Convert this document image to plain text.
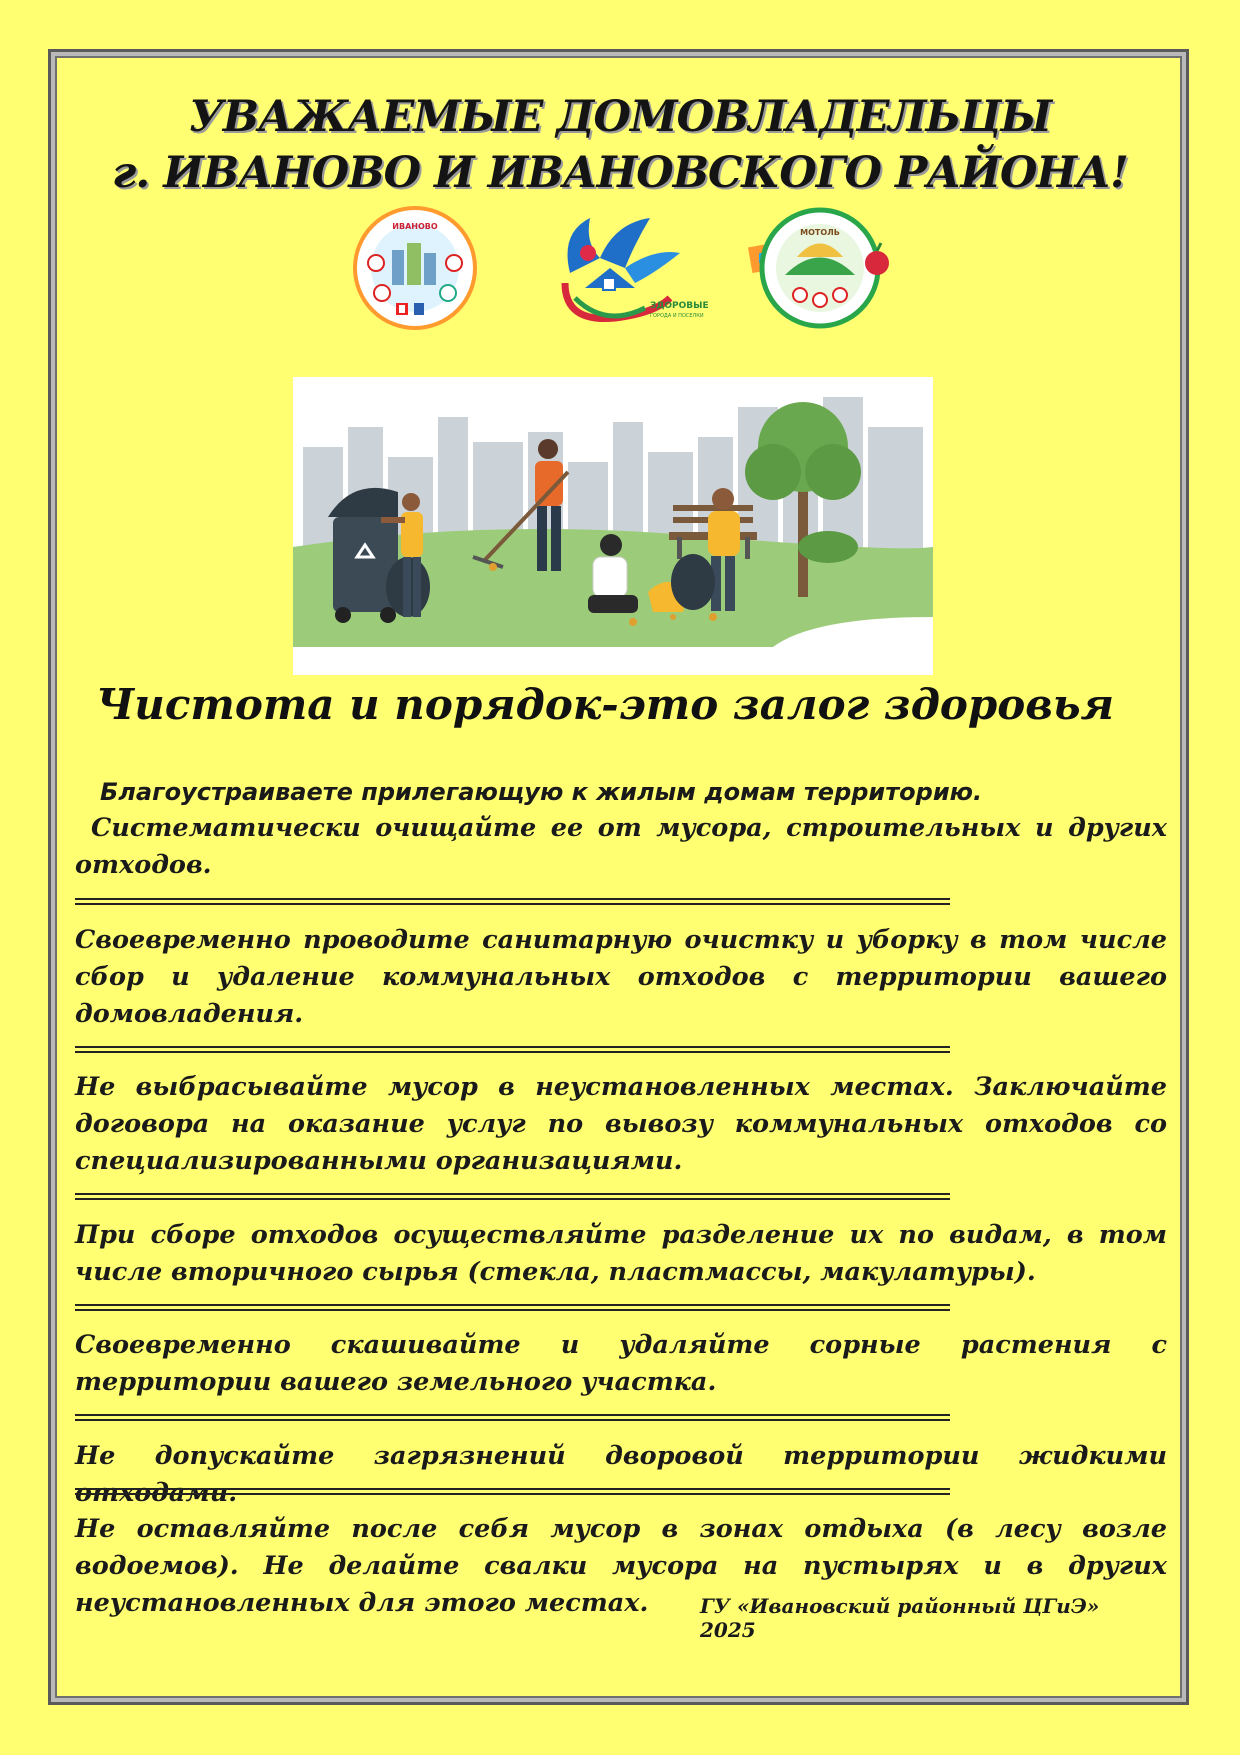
УВАЖАЕМЫЕ ДОМОВЛАДЕЛЬЦЫ
г. ИВАНОВО И ИВАНОВСКОГО РАЙОНА!
ИВАНОВО
ЗДОРОВЫЕ
ГОРОДА И ПОСЕЛКИ
МОТОЛЬ
Чистота и порядок-это залог здоровья
Благоустраиваете прилегающую к жилым домам территорию.
Систематически очищайте ее от мусора, строительных и других отходов.
Своевременно проводите санитарную очистку и уборку в том числе сбор и удаление коммунальных отходов с территории вашего домовладения.
Не выбрасывайте мусор в неустановленных местах. Заключайте договора на оказание услуг по вывозу коммунальных отходов со специализированными организациями.
При сборе отходов осуществляйте разделение их по видам, в том числе вторичного сырья (стекла, пластмассы, макулатуры).
Своевременно скашивайте и удаляйте сорные растения с территории вашего земельного участка.
Не допускайте загрязнений дворовой территории жидкими отходами.
Не оставляйте после себя мусор в зонах отдыха (в лесу возле водоемов). Не делайте свалки мусора на пустырях и в других неустановленных для этого местах.	ГУ «Ивановский районный ЦГиЭ» 2025
